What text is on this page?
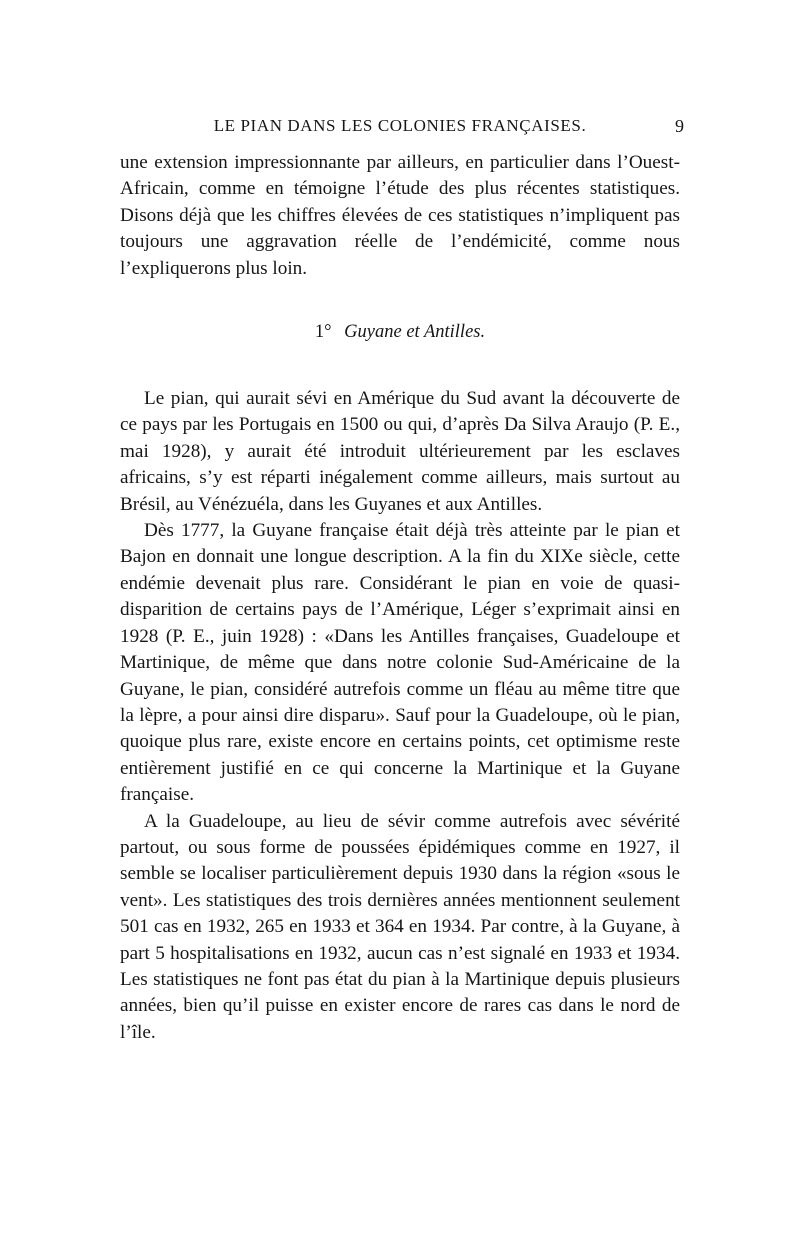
LE PIAN DANS LES COLONIES FRANÇAISES.	9

une extension impressionnante par ailleurs, en particulier dans l’Ouest-Africain, comme en témoigne l’étude des plus récentes statistiques. Disons déjà que les chiffres élevées de ces statistiques n’impliquent pas toujours une aggravation réelle de l’endémicité, comme nous l’expliquerons plus loin.

1° Guyane et Antilles.

Le pian, qui aurait sévi en Amérique du Sud avant la découverte de ce pays par les Portugais en 1500 ou qui, d’après Da Silva Araujo (P. E., mai 1928), y aurait été introduit ultérieurement par les esclaves africains, s’y est réparti inégalement comme ailleurs, mais surtout au Brésil, au Vénézuéla, dans les Guyanes et aux Antilles.

Dès 1777, la Guyane française était déjà très atteinte par le pian et Bajon en donnait une longue description. A la fin du XIXe siècle, cette endémie devenait plus rare. Considérant le pian en voie de quasi-disparition de certains pays de l’Amérique, Léger s’exprimait ainsi en 1928 (P. E., juin 1928) : «Dans les Antilles françaises, Guadeloupe et Martinique, de même que dans notre colonie Sud-Américaine de la Guyane, le pian, considéré autrefois comme un fléau au même titre que la lèpre, a pour ainsi dire disparu». Sauf pour la Guadeloupe, où le pian, quoique plus rare, existe encore en certains points, cet optimisme reste entièrement justifié en ce qui concerne la Martinique et la Guyane française.

A la Guadeloupe, au lieu de sévir comme autrefois avec sévérité partout, ou sous forme de poussées épidémiques comme en 1927, il semble se localiser particulièrement depuis 1930 dans la région «sous le vent». Les statistiques des trois dernières années mentionnent seulement 501 cas en 1932, 265 en 1933 et 364 en 1934. Par contre, à la Guyane, à part 5 hospitalisations en 1932, aucun cas n’est signalé en 1933 et 1934. Les statistiques ne font pas état du pian à la Martinique depuis plusieurs années, bien qu’il puisse en exister encore de rares cas dans le nord de l’île.
